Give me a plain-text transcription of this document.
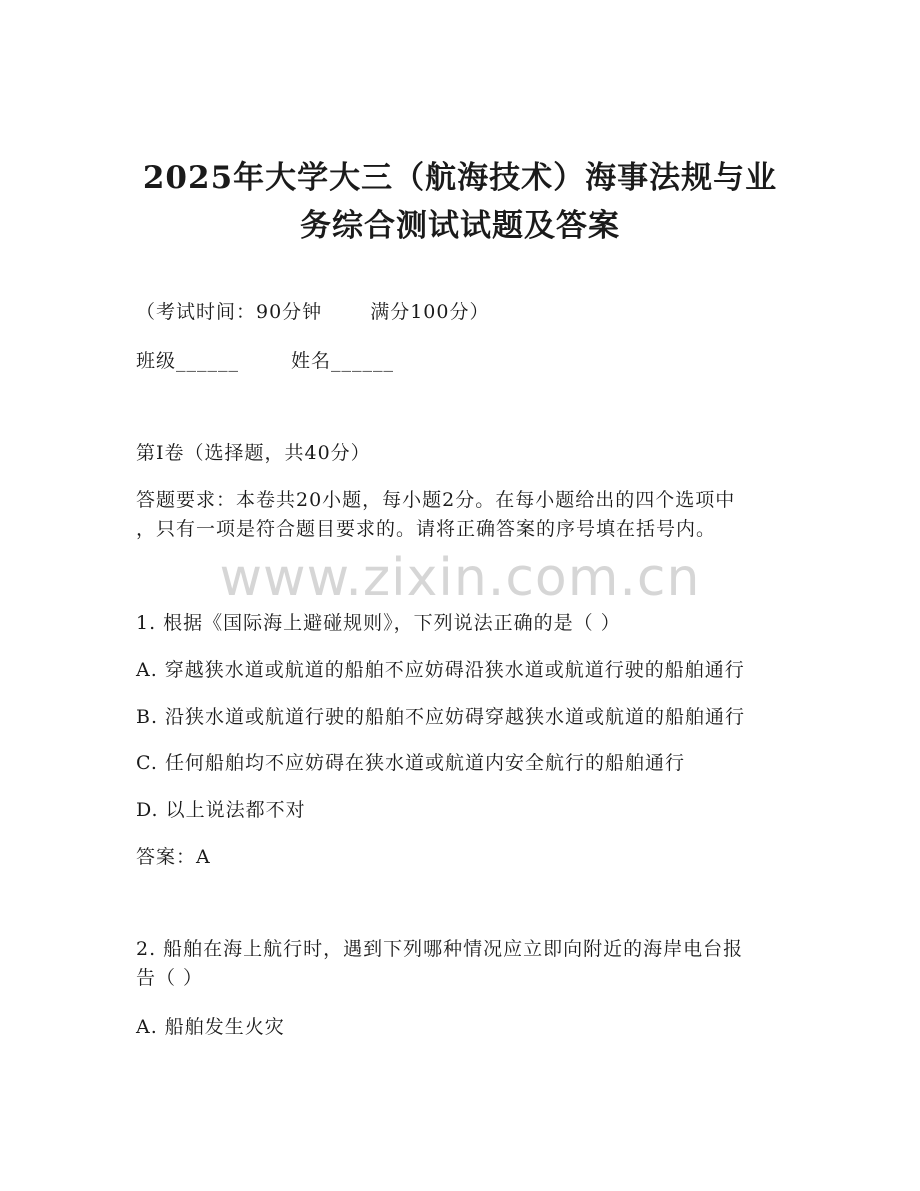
2025年大学大三（航海技术）海事法规与业
务综合测试试题及答案

（考试时间：90分钟	满分100分）

班级______	姓名______

第I卷（选择题，共40分）

答题要求：本卷共20小题，每小题2分。在每小题给出的四个选项中

，只有一项是符合题目要求的。请将正确答案的序号填在括号内。

www.zixin.com.cn

1. 根据《国际海上避碰规则》，下列说法正确的是（ ）

A. 穿越狭水道或航道的船舶不应妨碍沿狭水道或航道行驶的船舶通行

B. 沿狭水道或航道行驶的船舶不应妨碍穿越狭水道或航道的船舶通行

C. 任何船舶均不应妨碍在狭水道或航道内安全航行的船舶通行

D. 以上说法都不对

答案：A

2. 船舶在海上航行时，遇到下列哪种情况应立即向附近的海岸电台报

告（ ）

A. 船舶发生火灾
